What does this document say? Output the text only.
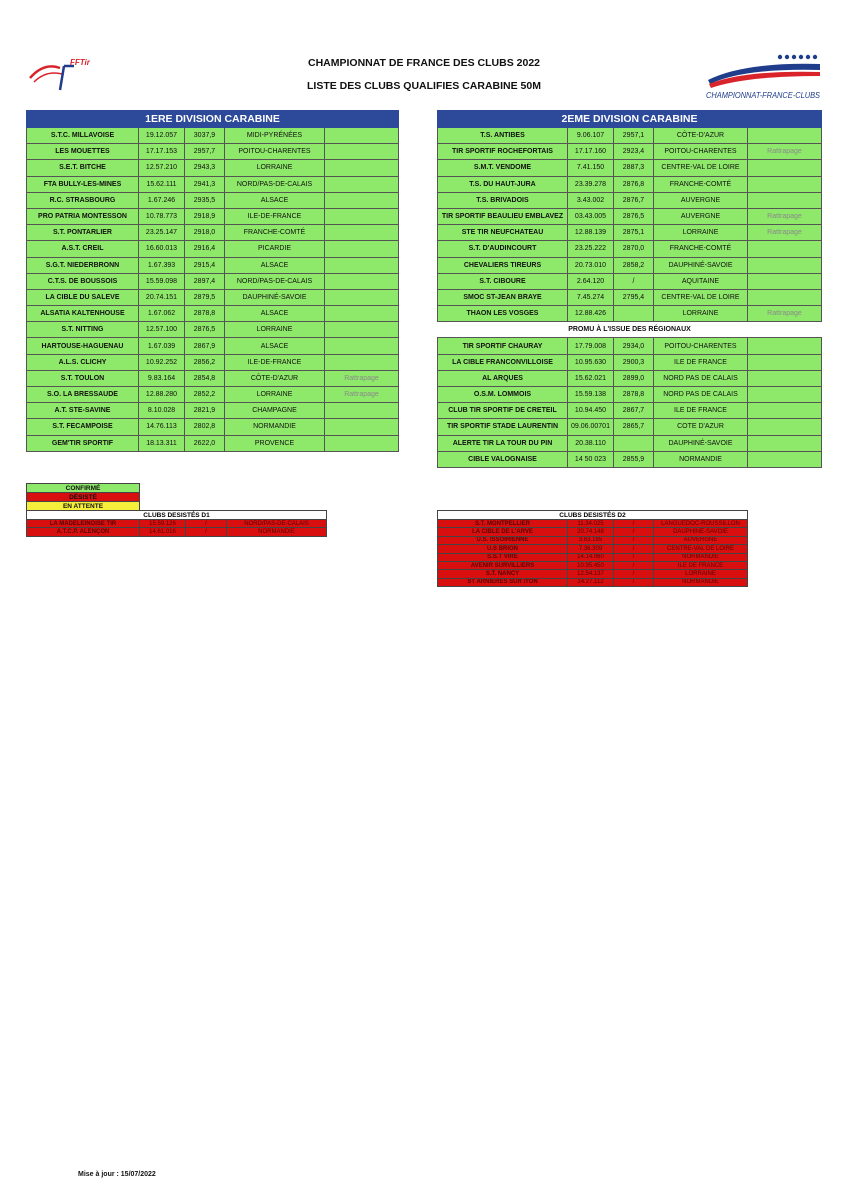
FFTir	CHAMPIONNAT DE FRANCE DES CLUBS 2022
LISTE DES CLUBS QUALIFIES CARABINE 50M
CHAMPIONNAT-FRANCE-CLUBS
1ERE DIVISION CARABINE				
S.T.C. MILLAVOISE	19.12.057	3037,9	MIDI-PYRÉNÉES	
LES MOUETTES	17.17.153	2957,7	POITOU-CHARENTES	
S.E.T. BITCHE	12.57.210	2943,3	LORRAINE	
FTA BULLY-LES-MINES	15.62.111	2941,3	NORD/PAS-DE-CALAIS	
R.C. STRASBOURG	1.67.246	2935,5	ALSACE	
PRO PATRIA MONTESSON	10.78.773	2918,9	ILE-DE-FRANCE	
S.T. PONTARLIER	23.25.147	2918,0	FRANCHE-COMTÉ	
A.S.T. CREIL	16.60.013	2916,4	PICARDIE	
S.G.T. NIEDERBRONN	1.67.393	2915,4	ALSACE	
C.T.S. DE BOUSSOIS	15.59.098	2897,4	NORD/PAS-DE-CALAIS	
LA CIBLE DU SALEVE	20.74.151	2879,5	DAUPHINÉ-SAVOIE	
ALSATIA KALTENHOUSE	1.67.062	2878,8	ALSACE	
S.T. NITTING	12.57.100	2876,5	LORRAINE	
HARTOUSE-HAGUENAU	1.67.039	2867,9	ALSACE	
A.L.S. CLICHY	10.92.252	2856,2	ILE-DE-FRANCE	
S.T. TOULON	9.83.164	2854,8	CÔTE-D'AZUR	Rattrapage
S.O. LA BRESSAUDE	12.88.280	2852,2	LORRAINE	Rattrapage
A.T. STE-SAVINE	8.10.028	2821,9	CHAMPAGNE	
S.T. FECAMPOISE	14.76.113	2802,8	NORMANDIE	
GEM'TIR SPORTIF	18.13.311	2622,0	PROVENCE	
2EME DIVISION CARABINE				
T.S. ANTIBES	9.06.107	2957,1	CÔTE-D'AZUR	
TIR SPORTIF ROCHEFORTAIS	17.17.160	2923,4	POITOU-CHARENTES	Rattrapage
S.M.T. VENDOME	7.41.150	2887,3	CENTRE-VAL DE LOIRE	
T.S. DU HAUT-JURA	23.39.278	2876,8	FRANCHE-COMTÉ	
T.S. BRIVADOIS	3.43.002	2876,7	AUVERGNE	
TIR SPORTIF BEAULIEU EMBLAVEZ	03.43.005	2876,5	AUVERGNE	Rattrapage
STE TIR NEUFCHATEAU	12.88.139	2875,1	LORRAINE	Rattrapage
S.T. D'AUDINCOURT	23.25.222	2870,0	FRANCHE-COMTÉ	
CHEVALIERS TIREURS	20.73.010	2858,2	DAUPHINÉ-SAVOIE	
S.T. CIBOURE	2.64.120	/	AQUITAINE	
SMOC ST-JEAN BRAYE	7.45.274	2795,4	CENTRE-VAL DE LOIRE	
THAON LES VOSGES	12.88.426		LORRAINE	Rattrapage
PROMU À L'ISSUE DES RÉGIONAUX				
TIR SPORTIF CHAURAY	17.79.008	2934,0	POITOU-CHARENTES	
LA CIBLE FRANCONVILLOISE	10.95.630	2900,3	ILE DE FRANCE	
AL ARQUES	15.62.021	2899,0	NORD PAS DE CALAIS	
O.S.M. LOMMOIS	15.59.138	2878,8	NORD PAS DE CALAIS	
CLUB TIR SPORTIF DE CRETEIL	10.94.450	2867,7	ILE DE FRANCE	
TIR SPORTIF STADE LAURENTIN	09.06.00701	2865,7	COTE D'AZUR	
ALERTE TIR LA TOUR DU PIN	20.38.110		DAUPHINÉ-SAVOIE	
CIBLE VALOGNAISE	14 50 023	2855,9	NORMANDIE	
CONFIRMÉ
DÉSISTÉ
EN ATTENTE
CLUBS DESISTÉS D1			
LA MADELEINOISE TIR	15.59.126	/	NORD/PAS-DE-CALAIS
A.T.C.P. ALENÇON	14.61.016	/	NORMANDIE
CLUBS DESISTÉS D2			
S.T. MONTPELLIER	11.34.025	/	LANGUEDOC-ROUSSILLON
LA CIBLE DE L'ARVE	20.74.148	/	DAUPHINÉ-SAVOIE
U.S. ISSOIRIENNE	3.63.185	/	AUVERGNE
U.S BRION	7.36.309	/	CENTRE-VAL DE LOIRE
S.S.T VIRE	14.14.060	/	NORMANDIE
AVENIR SURVILLIERS	10.95.450	/	ILE DE FRANCE
S.T. NANCY	12.54.137	/	LORRAINE
ST ARNIERES SUR ITON	14.27.112	/	NORMANDIE
Mise à jour : 15/07/2022
